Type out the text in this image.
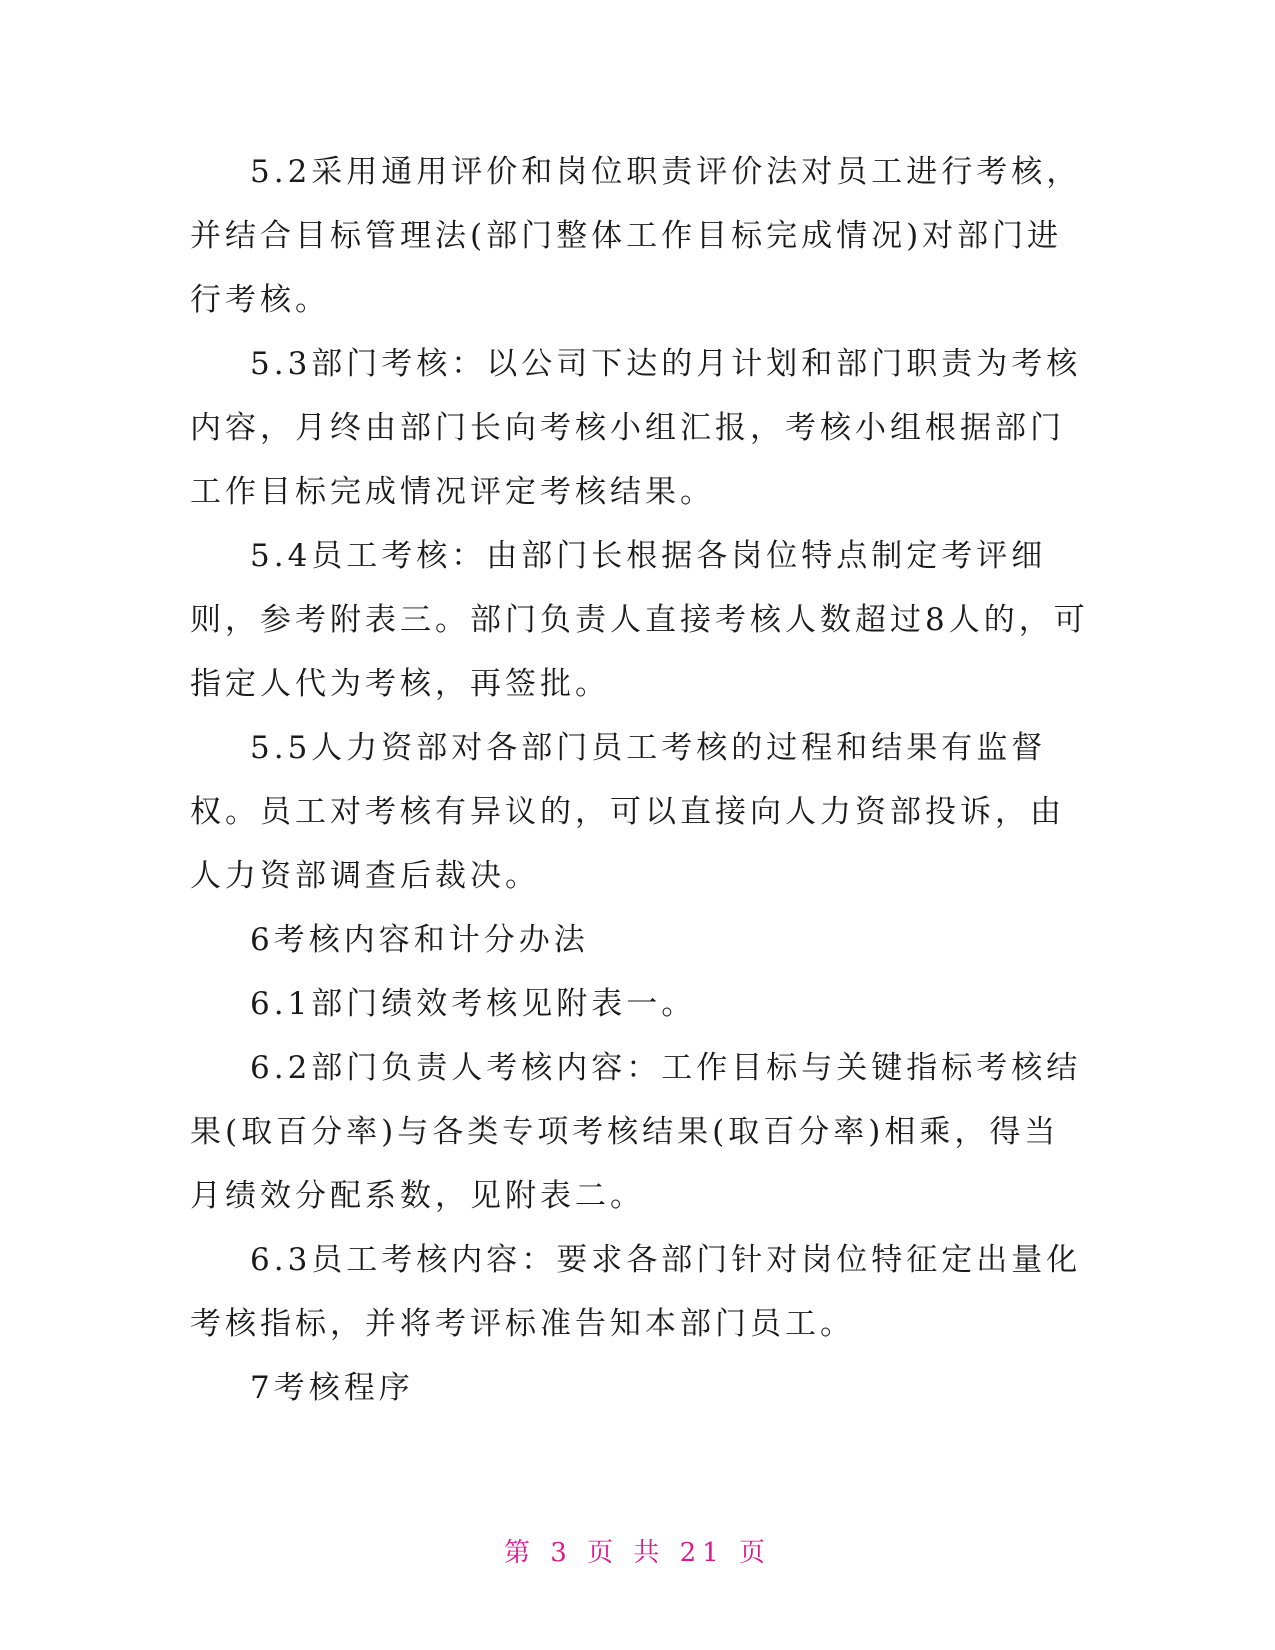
5.2采用通用评价和岗位职责评价法对员工进行考核，并结合目标管理法(部门整体工作目标完成情况)对部门进行考核。

5.3部门考核：以公司下达的月计划和部门职责为考核内容，月终由部门长向考核小组汇报，考核小组根据部门工作目标完成情况评定考核结果。

5.4员工考核：由部门长根据各岗位特点制定考评细则，参考附表三。部门负责人直接考核人数超过8人的，可指定人代为考核，再签批。

5.5人力资部对各部门员工考核的过程和结果有监督权。员工对考核有异议的，可以直接向人力资部投诉，由人力资部调查后裁决。

6考核内容和计分办法

6.1部门绩效考核见附表一。

6.2部门负责人考核内容：工作目标与关键指标考核结果(取百分率)与各类专项考核结果(取百分率)相乘，得当月绩效分配系数，见附表二。

6.3员工考核内容：要求各部门针对岗位特征定出量化考核指标，并将考评标准告知本部门员工。

7考核程序

第 3 页 共 21 页
